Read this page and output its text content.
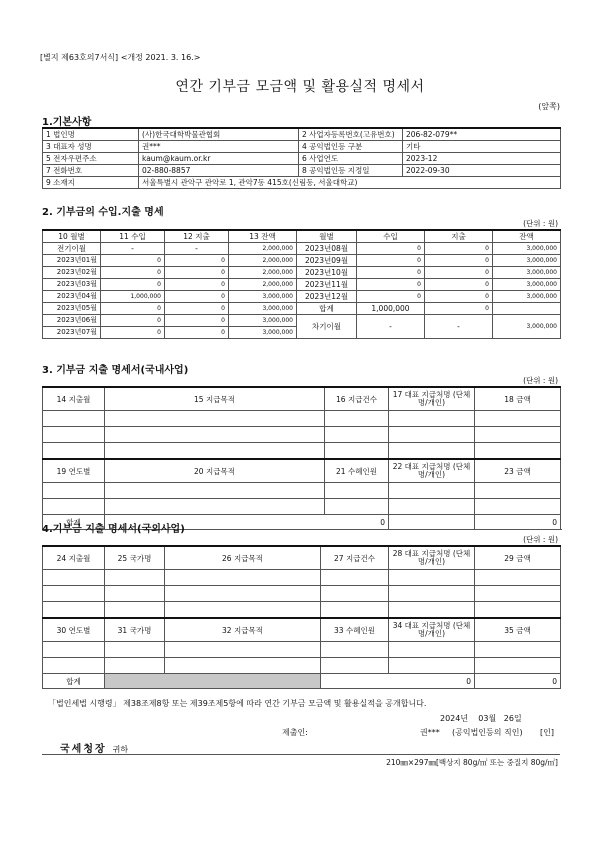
[별지 제63호의7서식] <개정 2021. 3. 16.>
연간 기부금 모금액 및 활용실적 명세서
(앞쪽)
1.기본사항
1 법인명	(사)한국대학박물관협회	2 사업자등록번호(고유번호)	206-82-079**
3 대표자 성명	권***	4 공익법인등 구분	기타
5 전자우편주소	kaum@kaum.or.kr	6 사업연도	2023-12
7 전화번호	02-880-8857	8 공익법인등 지정일	2022-09-30
9 소재지	서울특별시 관악구 관악로 1, 관악7동 415호(신림동, 서울대학교)		
2. 기부금의 수입.지출 명세
(단위 : 원)
10 월별	11 수입	12 지출	13 잔액	월별	수입	지출	잔액
전기이월	-	-	2,000,000	2023년08월	0	0	3,000,000
2023년01월	0	0	2,000,000	2023년09월	0	0	3,000,000
2023년02월	0	0	2,000,000	2023년10월	0	0	3,000,000
2023년03월	0	0	2,000,000	2023년11월	0	0	3,000,000
2023년04월	1,000,000	0	3,000,000	2023년12월	0	0	3,000,000
2023년05월	0	0	3,000,000	합계	1,000,000	0	
2023년06월	0	0	3,000,000	차기이월	-	-	3,000,000
2023년07월	0	0	3,000,000				
3. 기부금 지출 명세서(국내사업)
(단위 : 원)
14 지출월	15 지급목적	16 지급건수	17 대표 지급처명 (단체명/개인)	18 금액

19 연도별	20 지급목적	21 수혜인원	22 대표 지급처명 (단체명/개인)	23 금액

합계	0			0
4.기부금 지출 명세서(국외사업)
(단위 : 원)
24 지출월	25 국가명	26 지급목적	27 지급건수	28 대표 지급처명 (단체명/개인)	29 금액

30 연도별	31 국가명	32 지급목적	33 수혜인원	34 대표 지급처명 (단체명/개인)	35 금액

합계			0		0
「법인세법 시행령」 제38조제8항 또는 제39조제5항에 따라 연간 기부금 모금액 및 활용실적을 공개합니다.
2024년    03월   26일
제출인:	권*** (공익법인등의 직인) [인]
국세청장 귀하
210㎜×297㎜[백상지 80g/㎡ 또는 중질지 80g/㎡]
